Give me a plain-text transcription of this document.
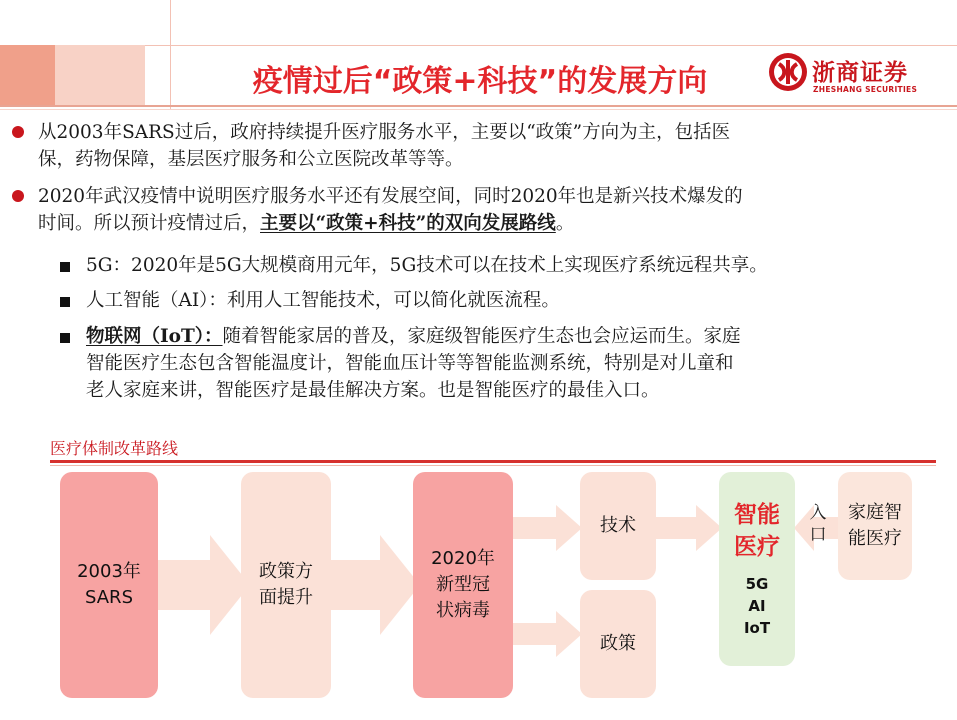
疫情过后“政策+科技”的发展方向	浙商证券
ZHESHANG SECURITIES
从2003年SARS过后，政府持续提升医疗服务水平，主要以“政策”方向为主，包括医
保，药物保障，基层医疗服务和公立医院改革等等。
2020年武汉疫情中说明医疗服务水平还有发展空间，同时2020年也是新兴技术爆发的
时间。所以预计疫情过后，主要以“政策+科技”的双向发展路线。
5G：2020年是5G大规模商用元年，5G技术可以在技术上实现医疗系统远程共享。
人工智能（AI）：利用人工智能技术，可以简化就医流程。
物联网（IoT）：随着智能家居的普及，家庭级智能医疗生态也会应运而生。家庭
智能医疗生态包含智能温度计，智能血压计等等智能监测系统，特别是对儿童和
老人家庭来讲，智能医疗是最佳解决方案。也是智能医疗的最佳入口。
医疗体制改革路线
2003年
SARS
政策方
面提升
2020年
新型冠
状病毒
技术
政策
智能
医疗
5G
AI
IoT
入
口
家庭智
能医疗
